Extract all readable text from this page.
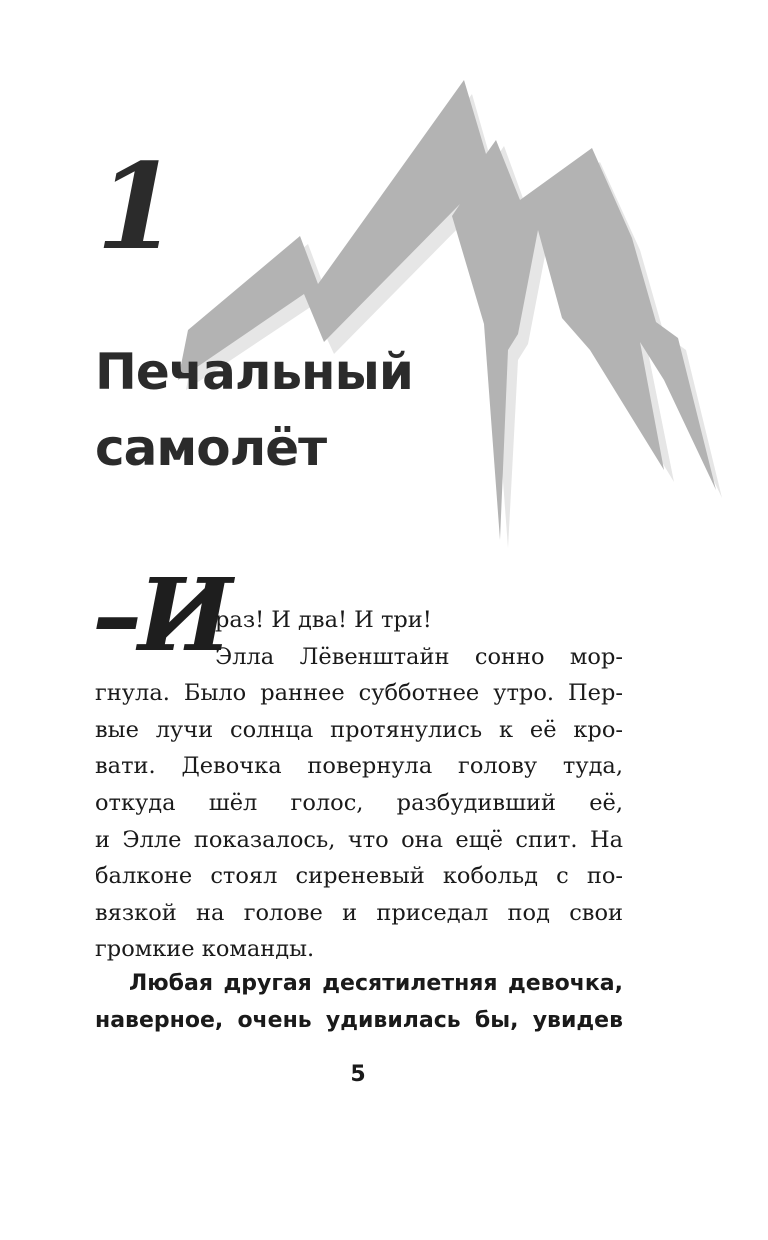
1
Печальный
самолёт
–И
раз! И два! И три!
Элла Лёвенштайн сонно мор-
гнула. Было раннее субботнее утро. Пер-
вые лучи солнца протянулись к её кро-
вати. Девочка повернула голову туда,
откуда шёл голос, разбудивший её,
и Элле показалось, что она ещё спит. На
балконе стоял сиреневый кобольд с по-
вязкой на голове и приседал под свои
громкие команды.
Любая другая десятилетняя девочка,
наверное, очень удивилась бы, увидев
5
